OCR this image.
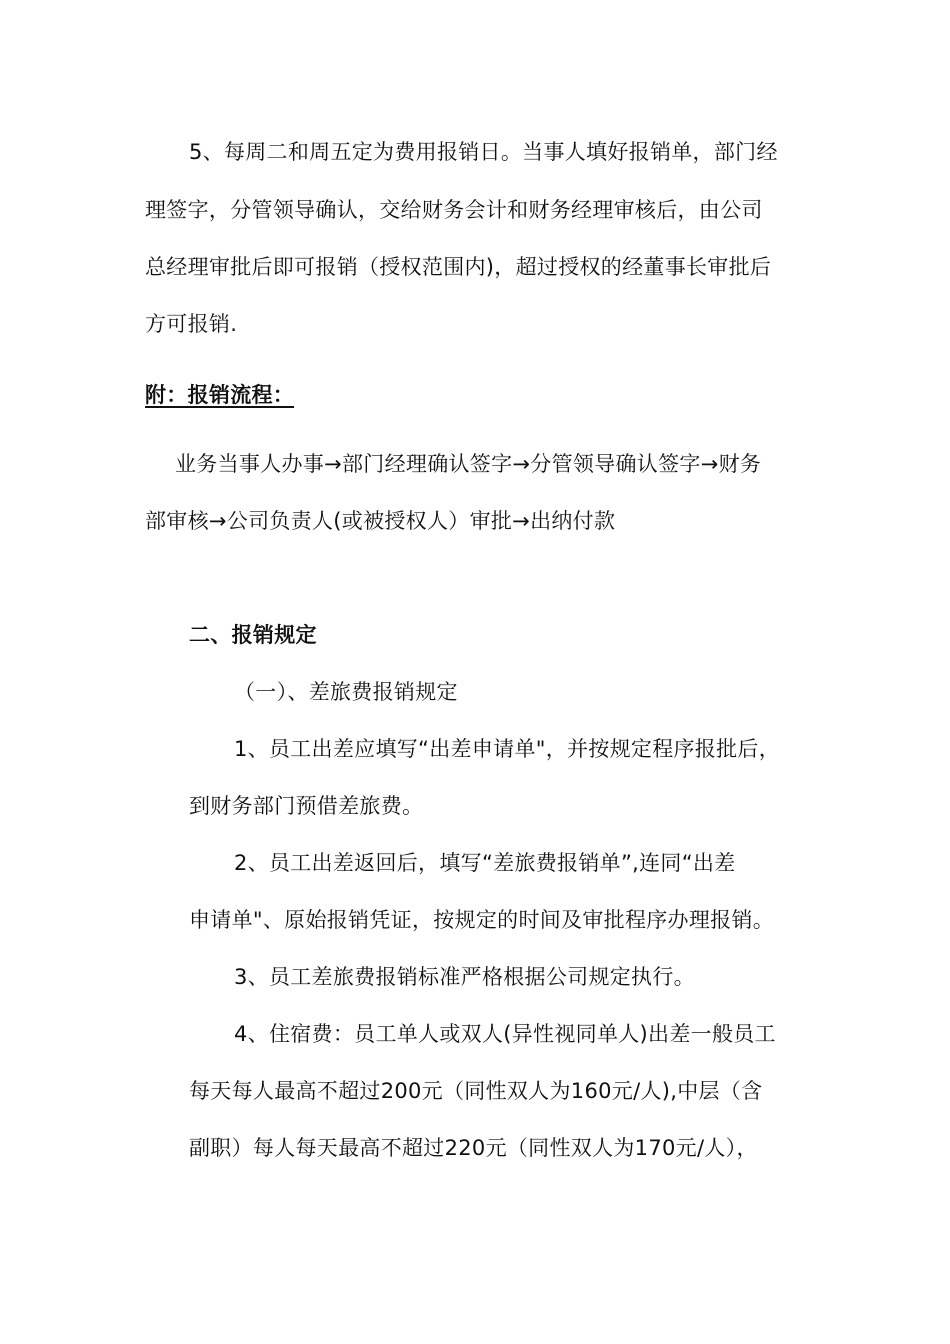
5、每周二和周五定为费用报销日。当事人填好报销单，部门经
理签字，分管领导确认，交给财务会计和财务经理审核后，由公司
总经理审批后即可报销（授权范围内)，超过授权的经董事长审批后
方可报销.
附：报销流程：
业务当事人办事→部门经理确认签字→分管领导确认签字→财务
部审核→公司负责人(或被授权人）审批→出纳付款
二、报销规定
（一）、差旅费报销规定
1、员工出差应填写“出差申请单"，并按规定程序报批后，
到财务部门预借差旅费。
2、员工出差返回后，填写“差旅费报销单”,连同“出差
申请单"、原始报销凭证，按规定的时间及审批程序办理报销。
3、员工差旅费报销标准严格根据公司规定执行。
4、住宿费：员工单人或双人(异性视同单人)出差一般员工
每天每人最高不超过200元（同性双人为160元/人),中层（含
副职）每人每天最高不超过220元（同性双人为170元/人），
